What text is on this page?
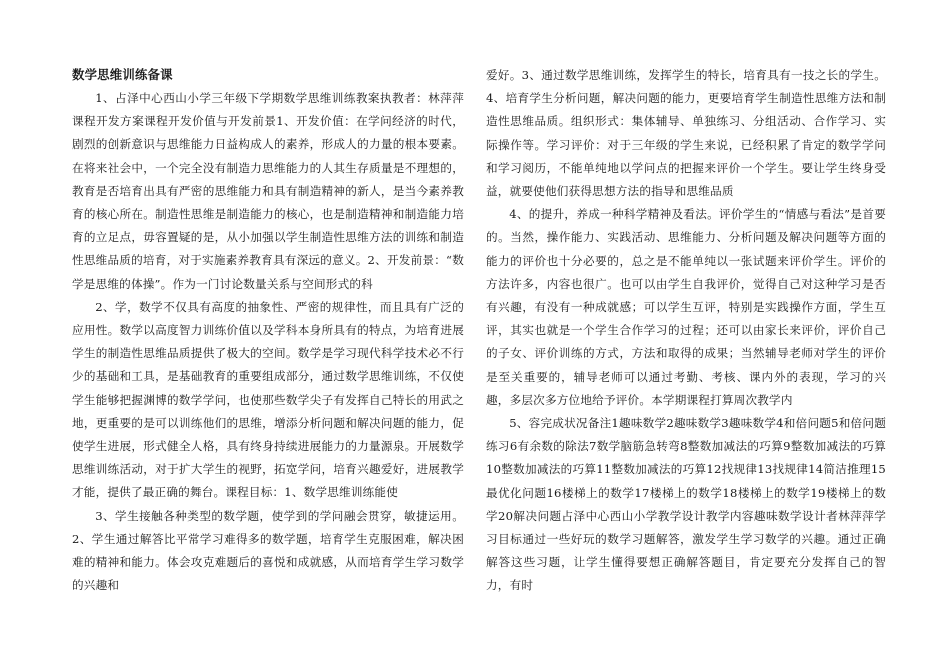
数学思维训练备课

1、占泽中心西山小学三年级下学期数学思维训练教案执教者：林萍萍课程开发方案课程开发价值与开发前景1、开发价值：在学问经济的时代，剧烈的创新意识与思维能力日益构成人的素养，形成人的力量的根本要素。在将来社会中，一个完全没有制造力思维能力的人其生存质量是不理想的，教育是否培育出具有严密的思维能力和具有制造精神的新人，是当今素养教育的核心所在。制造性思维是制造能力的核心，也是制造精神和制造能力培育的立足点，毋容置疑的是，从小加强以学生制造性思维方法的训练和制造性思维品质的培育，对于实施素养教育具有深远的意义。2、开发前景：“数学是思维的体操”。作为一门讨论数量关系与空间形式的科

2、学，数学不仅具有高度的抽象性、严密的规律性，而且具有广泛的应用性。数学以高度智力训练价值以及学科本身所具有的特点，为培育进展学生的制造性思维品质提供了极大的空间。数学是学习现代科学技术必不行少的基础和工具，是基础教育的重要组成部分，通过数学思维训练，不仅使学生能够把握渊博的数学学问，也使那些数学尖子有发挥自己特长的用武之地，更重要的是可以训练他们的思维，增添分析问题和解决问题的能力，促使学生进展，形式健全人格，具有终身持续进展能力的力量源泉。开展数学思维训练活动，对于扩大学生的视野，拓宽学问，培育兴趣爱好，进展教学才能，提供了最正确的舞台。课程目标：1、数学思维训练能使

3、学生接触各种类型的数学题，使学到的学问融会贯穿，敏捷运用。2、学生通过解答比平常学习难得多的数学题，培育学生克服困难，解决困难的精神和能力。体会攻克难题后的喜悦和成就感，从而培育学生学习数学的兴趣和

爱好。3、通过数学思维训练，发挥学生的特长，培育具有一技之长的学生。4、培育学生分析问题，解决问题的能力，更要培育学生制造性思维方法和制造性思维品质。组织形式：集体辅导、单独练习、分组活动、合作学习、实际操作等。学习评价：对于三年级的学生来说，已经积累了肯定的数学学问和学习阅历，不能单纯地以学问点的把握来评价一个学生。要让学生终身受益，就要使他们获得思想方法的指导和思维品质

4、的提升，养成一种科学精神及看法。评价学生的“情感与看法”是首要的。当然，操作能力、实践活动、思维能力、分析问题及解决问题等方面的能力的评价也十分必要的，总之是不能单纯以一张试题来评价学生。评价的方法许多，内容也很广。也可以由学生自我评价，觉得自己对这种学习是否有兴趣，有没有一种成就感；可以学生互评，特别是实践操作方面，学生互评，其实也就是一个学生合作学习的过程；还可以由家长来评价，评价自己的子女、评价训练的方式，方法和取得的成果；当然辅导老师对学生的评价是至关重要的，辅导老师可以通过考勤、考核、课内外的表现，学习的兴趣，多层次多方位地给予评价。本学期课程打算周次教学内

5、容完成状况备注1趣味数学2趣味数学3趣味数学4和倍问题5和倍问题练习6有余数的除法7数学脑筋急转弯8整数加减法的巧算9整数加减法的巧算10整数加减法的巧算11整数加减法的巧算12找规律13找规律14简洁推理15最优化问题16楼梯上的数学17楼梯上的数学18楼梯上的数学19楼梯上的数学20解决问题占泽中心西山小学教学设计教学内容趣味数学设计者林萍萍学习目标通过一些好玩的数学习题解答，激发学生学习数学的兴趣。通过正确解答这些习题，让学生懂得要想正确解答题目，肯定要充分发挥自己的智力，有时
